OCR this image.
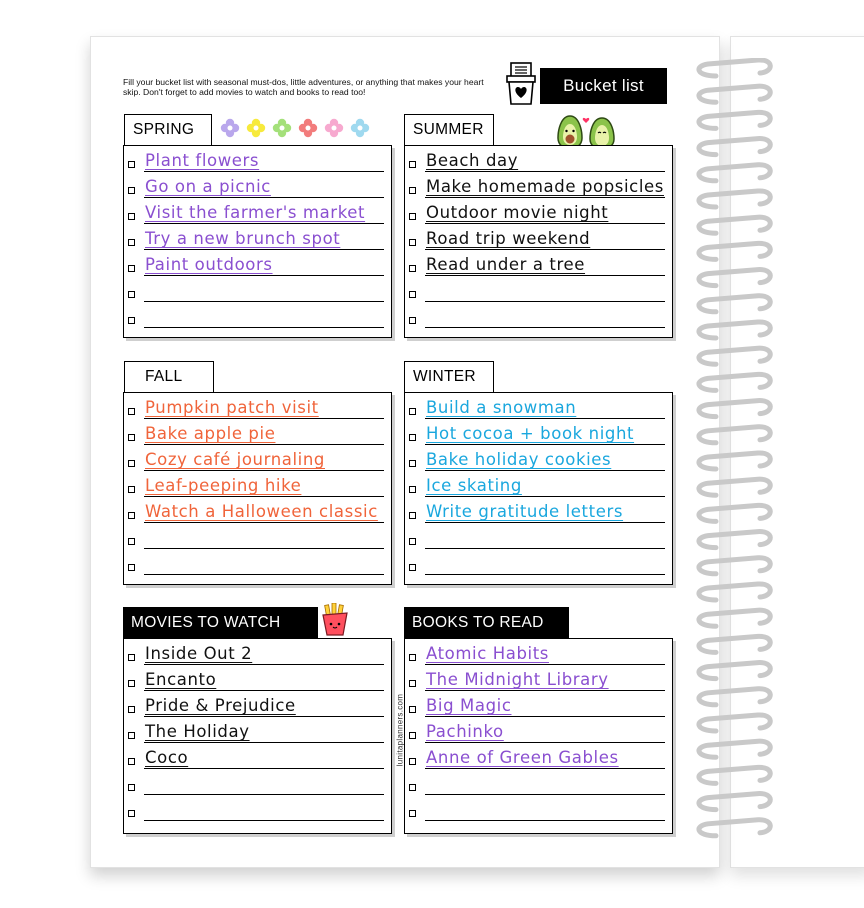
Fill your bucket list with seasonal must-dos, little adventures, or anything that makes your heart skip. Don't forget to add movies to watch and books to read too!	Bucket list
SPRING
Plant flowers
Go on a picnic
Visit the farmer's market
Try a new brunch spot
Paint outdoors
SUMMER
Beach day
Make homemade popsicles
Outdoor movie night
Road trip weekend
Read under a tree
FALL
Pumpkin patch visit
Bake apple pie
Cozy café journaling
Leaf-peeping hike
Watch a Halloween classic
WINTER
Build a snowman
Hot cocoa + book night
Bake holiday cookies
Ice skating
Write gratitude letters
MOVIES TO WATCH
Inside Out 2
Encanto
Pride & Prejudice
The Holiday
Coco
BOOKS TO READ
Atomic Habits
The Midnight Library
Big Magic
Pachinko
Anne of Green Gables
lunitaplanners.com
